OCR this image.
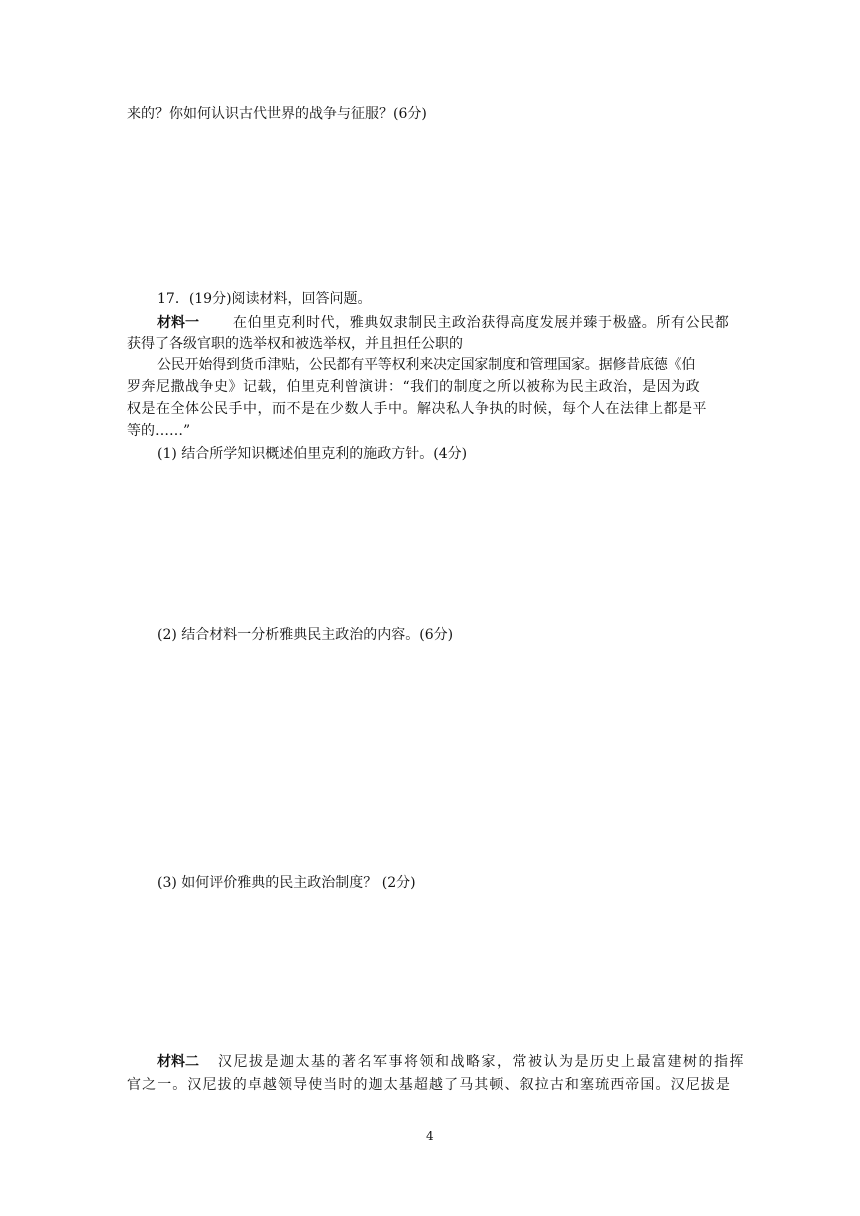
来的？你如何认识古代世界的战争与征服？(6分)
17．(19分)阅读材料，回答问题。
材料一 在伯里克利时代，雅典奴隶制民主政治获得高度发展并臻于极盛。所有公民都
获得了各级官职的选举权和被选举权，并且担任公职的
公民开始得到货币津贴，公民都有平等权利来决定国家制度和管理国家。据修昔底德《伯
罗奔尼撒战争史》记载，伯里克利曾演讲：“我们的制度之所以被称为民主政治，是因为政
权是在全体公民手中，而不是在少数人手中。解决私人争执的时候，每个人在法律上都是平
等的……”
(1) 结合所学知识概述伯里克利的施政方针。(4分)
(2) 结合材料一分析雅典民主政治的内容。(6分)
(3) 如何评价雅典的民主政治制度？ (2分)
材料二 汉尼拔是迦太基的著名军事将领和战略家，常被认为是历史上最富建树的指挥
官之一。汉尼拔的卓越领导使当时的迦太基超越了马其顿、叙拉古和塞琉西帝国。汉尼拔是
4
